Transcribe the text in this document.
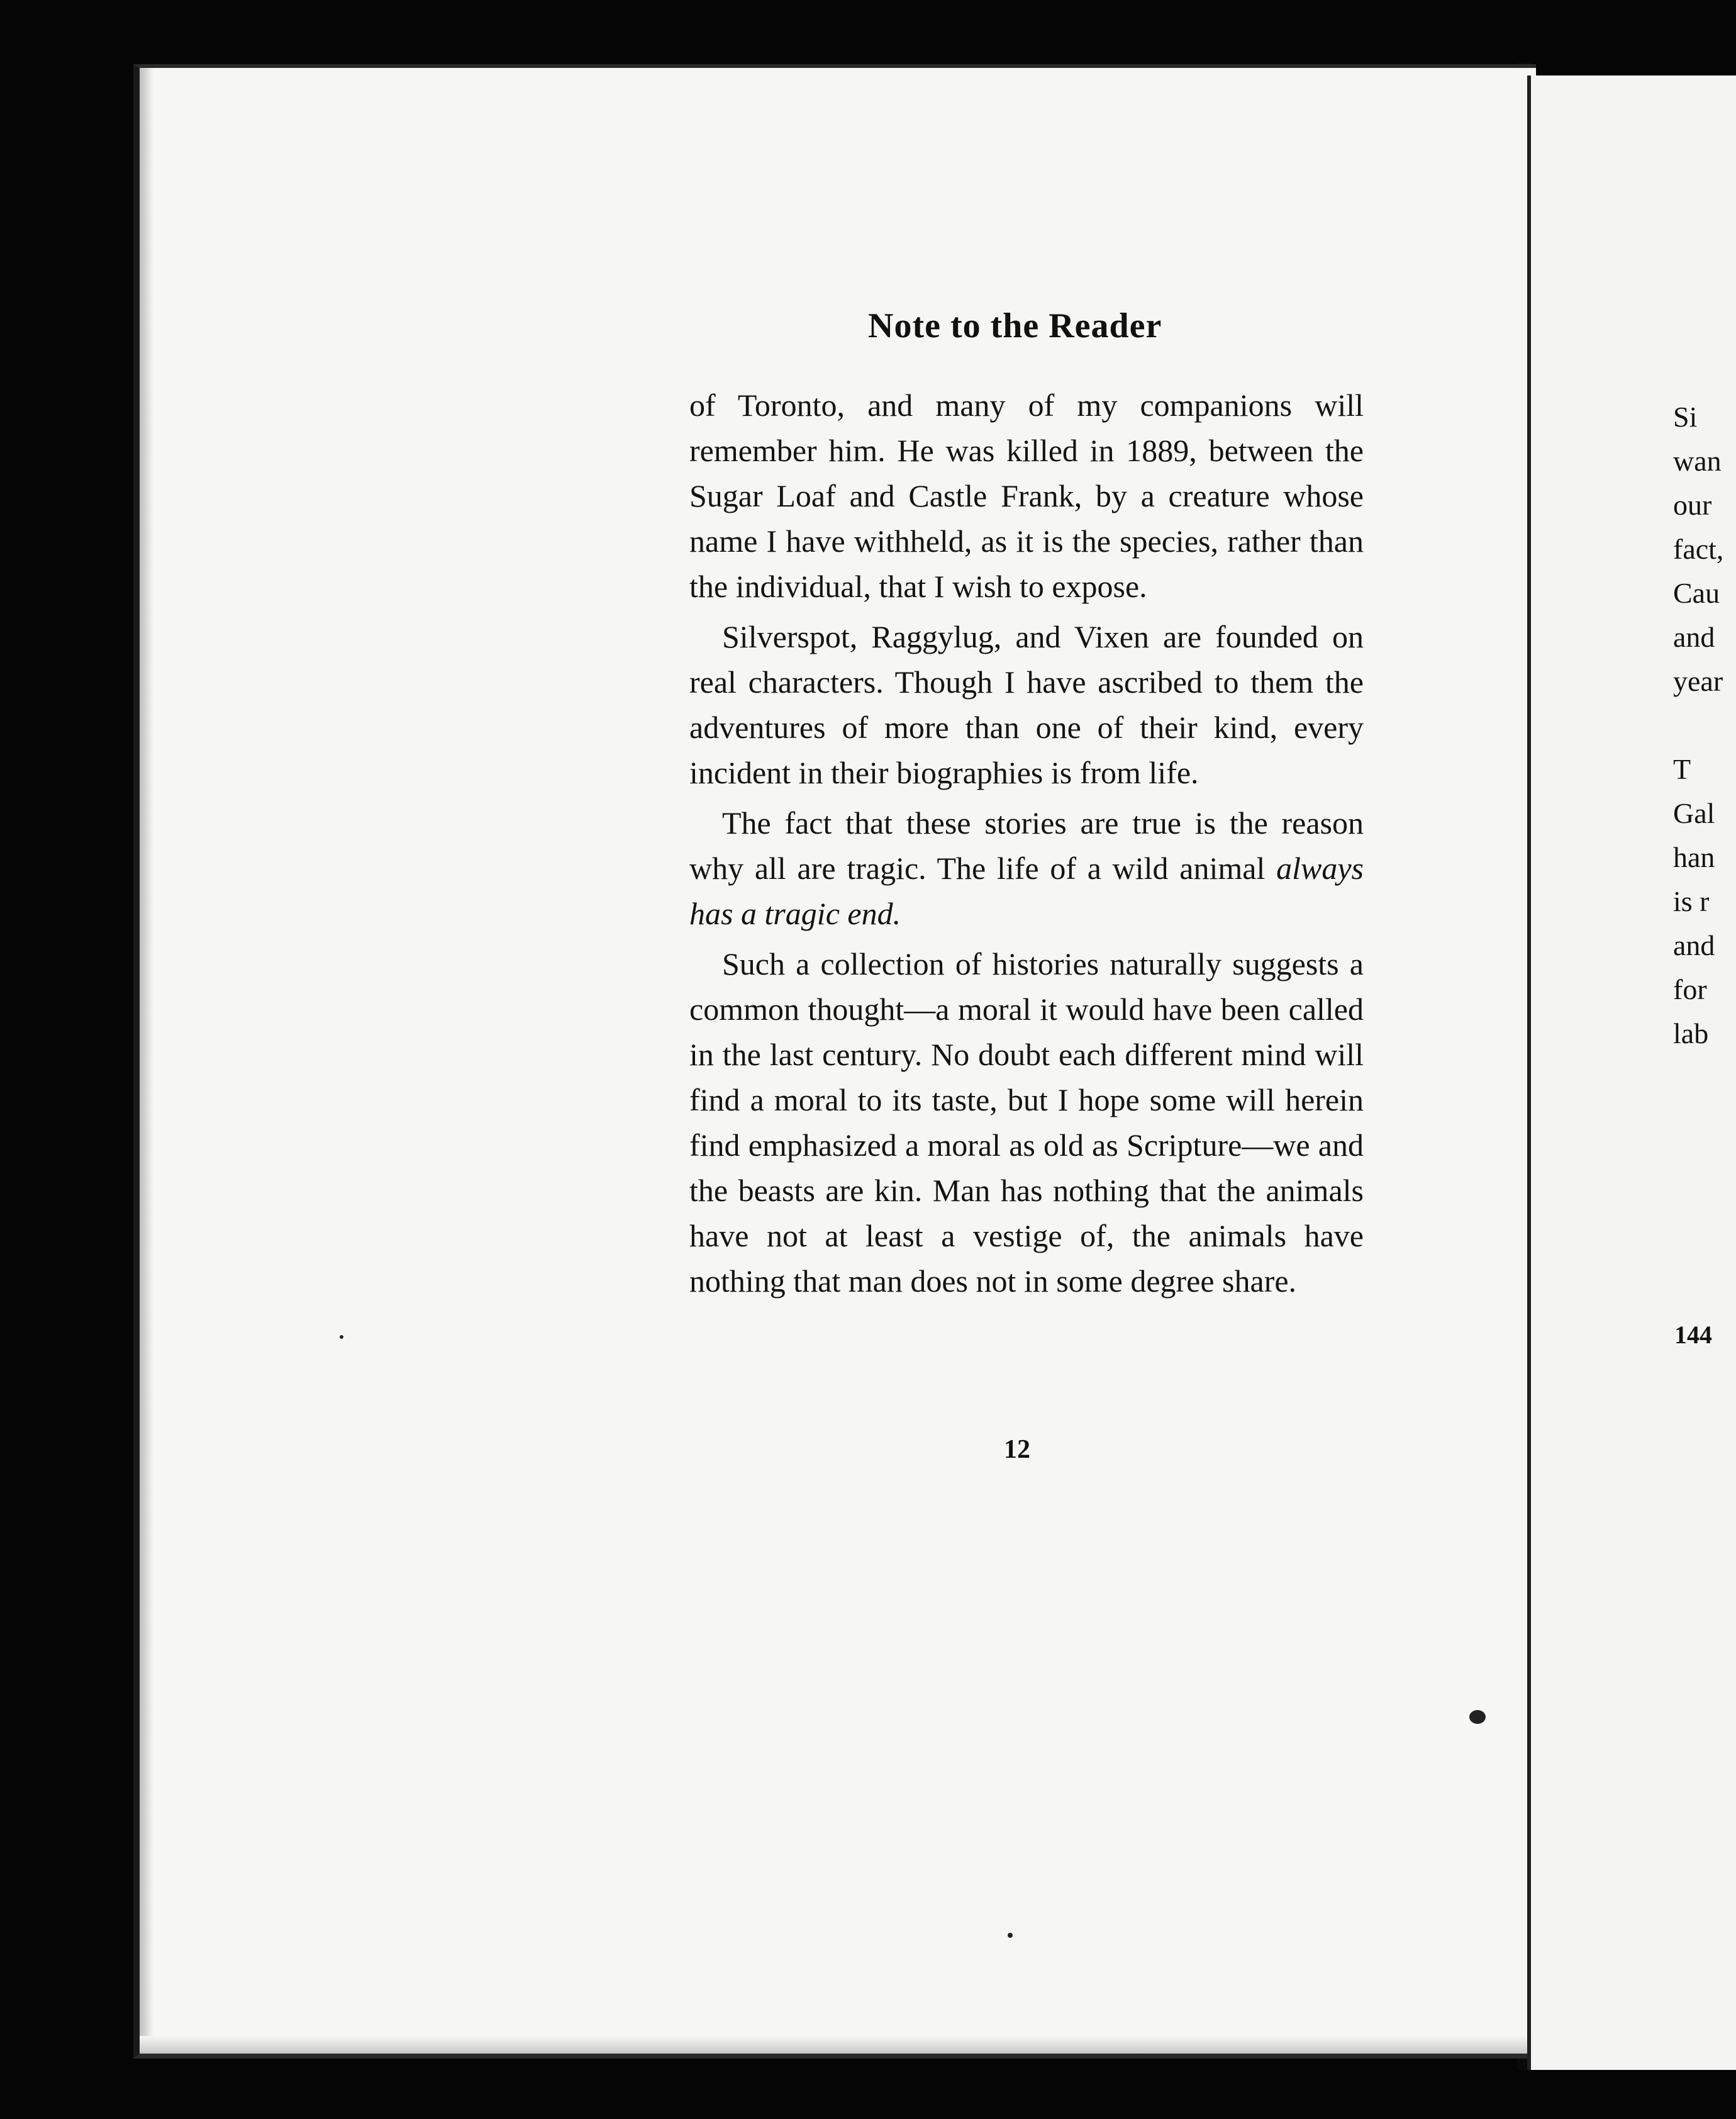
Note to the Reader

of Toronto, and many of my companions will remember him. He was killed in 1889, between the Sugar Loaf and Castle Frank, by a creature whose name I have withheld, as it is the species, rather than the individual, that I wish to expose.

Silverspot, Raggylug, and Vixen are founded on real characters. Though I have ascribed to them the adventures of more than one of their kind, every incident in their biographies is from life.

The fact that these stories are true is the reason why all are tragic. The life of a wild animal always has a tragic end.

Such a collection of histories naturally suggests a common thought—a moral it would have been called in the last century. No doubt each different mind will find a moral to its taste, but I hope some will herein find emphasized a moral as old as Scripture—we and the beasts are kin. Man has nothing that the animals have not at least a vestige of, the animals have nothing that man does not in some degree share.

12
Si
wan
our
fact,
Cau
and
year
T
Gal
han
is r
and
for
lab
144
